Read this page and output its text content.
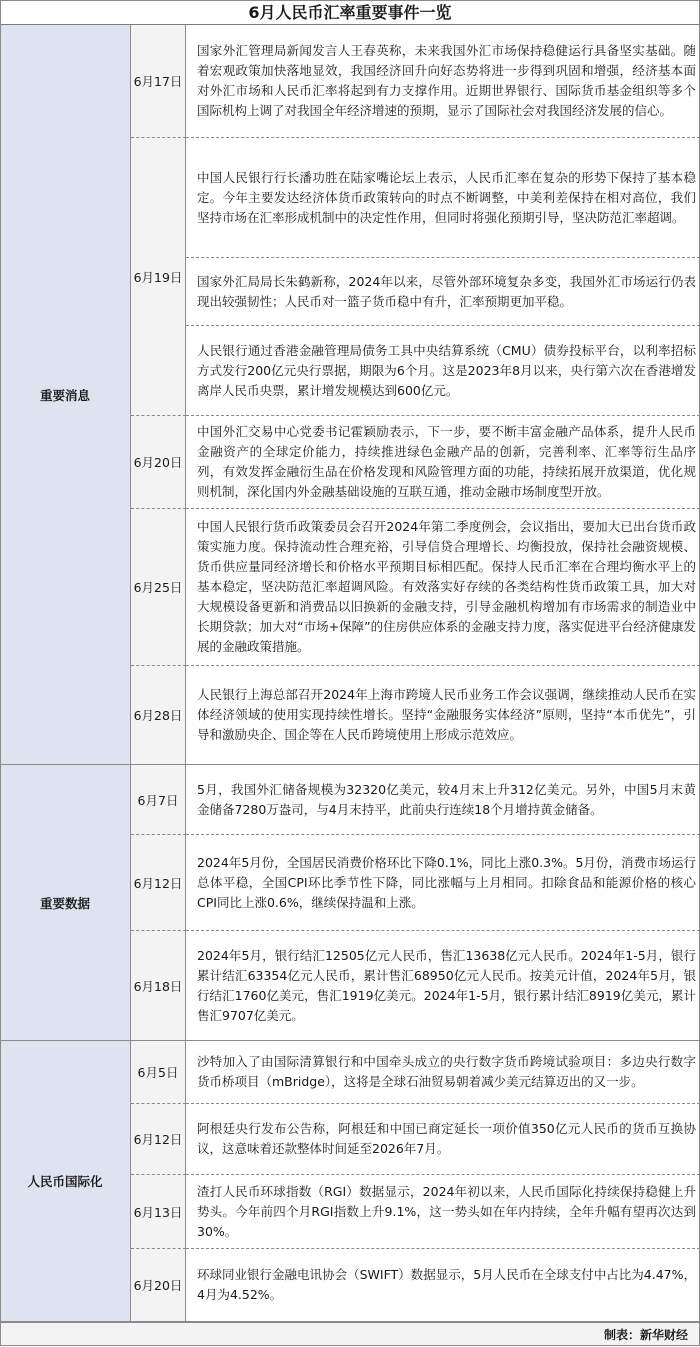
6月人民币汇率重要事件一览
重要消息
6月17日
国家外汇管理局新闻发言人王春英称，未来我国外汇市场保持稳健运行具备坚实基础。随着宏观政策加快落地显效，我国经济回升向好态势将进一步得到巩固和增强，经济基本面对外汇市场和人民币汇率将起到有力支撑作用。近期世界银行、国际货币基金组织等多个国际机构上调了对我国全年经济增速的预期，显示了国际社会对我国经济发展的信心。
6月19日
中国人民银行行长潘功胜在陆家嘴论坛上表示，人民币汇率在复杂的形势下保持了基本稳定。今年主要发达经济体货币政策转向的时点不断调整，中美利差保持在相对高位，我们坚持市场在汇率形成机制中的决定性作用，但同时将强化预期引导，坚决防范汇率超调。
国家外汇局局长朱鹤新称，2024年以来，尽管外部环境复杂多变，我国外汇市场运行仍表现出较强韧性；人民币对一篮子货币稳中有升，汇率预期更加平稳。
人民银行通过香港金融管理局债务工具中央结算系统（CMU）债券投标平台，以利率招标方式发行200亿元央行票据，期限为6个月。这是2023年8月以来，央行第六次在香港增发离岸人民币央票，累计增发规模达到600亿元。
6月20日
中国外汇交易中心党委书记霍颖励表示，下一步，要不断丰富金融产品体系，提升人民币金融资产的全球定价能力，持续推进绿色金融产品的创新，完善利率、汇率等衍生品序列，有效发挥金融衍生品在价格发现和风险管理方面的功能，持续拓展开放渠道，优化规则机制，深化国内外金融基础设施的互联互通，推动金融市场制度型开放。
6月25日
中国人民银行货币政策委员会召开2024年第二季度例会，会议指出，要加大已出台货币政策实施力度。保持流动性合理充裕，引导信贷合理增长、均衡投放，保持社会融资规模、货币供应量同经济增长和价格水平预期目标相匹配。保持人民币汇率在合理均衡水平上的基本稳定，坚决防范汇率超调风险。有效落实好存续的各类结构性货币政策工具，加大对大规模设备更新和消费品以旧换新的金融支持，引导金融机构增加有市场需求的制造业中长期贷款；加大对“市场+保障”的住房供应体系的金融支持力度，落实促进平台经济健康发展的金融政策措施。
6月28日
人民银行上海总部召开2024年上海市跨境人民币业务工作会议强调，继续推动人民币在实体经济领域的使用实现持续性增长。坚持“金融服务实体经济”原则，坚持“本币优先”，引导和激励央企、国企等在人民币跨境使用上形成示范效应。
重要数据
6月7日
5月，我国外汇储备规模为32320亿美元，较4月末上升312亿美元。另外，中国5月末黄金储备7280万盎司，与4月末持平，此前央行连续18个月增持黄金储备。
6月12日
2024年5月份，全国居民消费价格环比下降0.1%，同比上涨0.3%。5月份，消费市场运行总体平稳，全国CPI环比季节性下降，同比涨幅与上月相同。扣除食品和能源价格的核心CPI同比上涨0.6%，继续保持温和上涨。
6月18日
2024年5月，银行结汇12505亿元人民币，售汇13638亿元人民币。2024年1-5月，银行累计结汇63354亿元人民币，累计售汇68950亿元人民币。按美元计值，2024年5月，银行结汇1760亿美元，售汇1919亿美元。2024年1-5月，银行累计结汇8919亿美元，累计售汇9707亿美元。
人民币国际化
6月5日
沙特加入了由国际清算银行和中国牵头成立的央行数字货币跨境试验项目：多边央行数字货币桥项目（mBridge），这将是全球石油贸易朝着减少美元结算迈出的又一步。
6月12日
阿根廷央行发布公告称，阿根廷和中国已商定延长一项价值350亿元人民币的货币互换协议，这意味着还款整体时间延至2026年7月。
6月13日
渣打人民币环球指数（RGI）数据显示，2024年初以来，人民币国际化持续保持稳健上升势头。今年前四个月RGI指数上升9.1%，这一势头如在年内持续，全年升幅有望再次达到30%。
6月20日
环球同业银行金融电讯协会（SWIFT）数据显示，5月人民币在全球支付中占比为4.47%，4月为4.52%。
制表：新华财经
